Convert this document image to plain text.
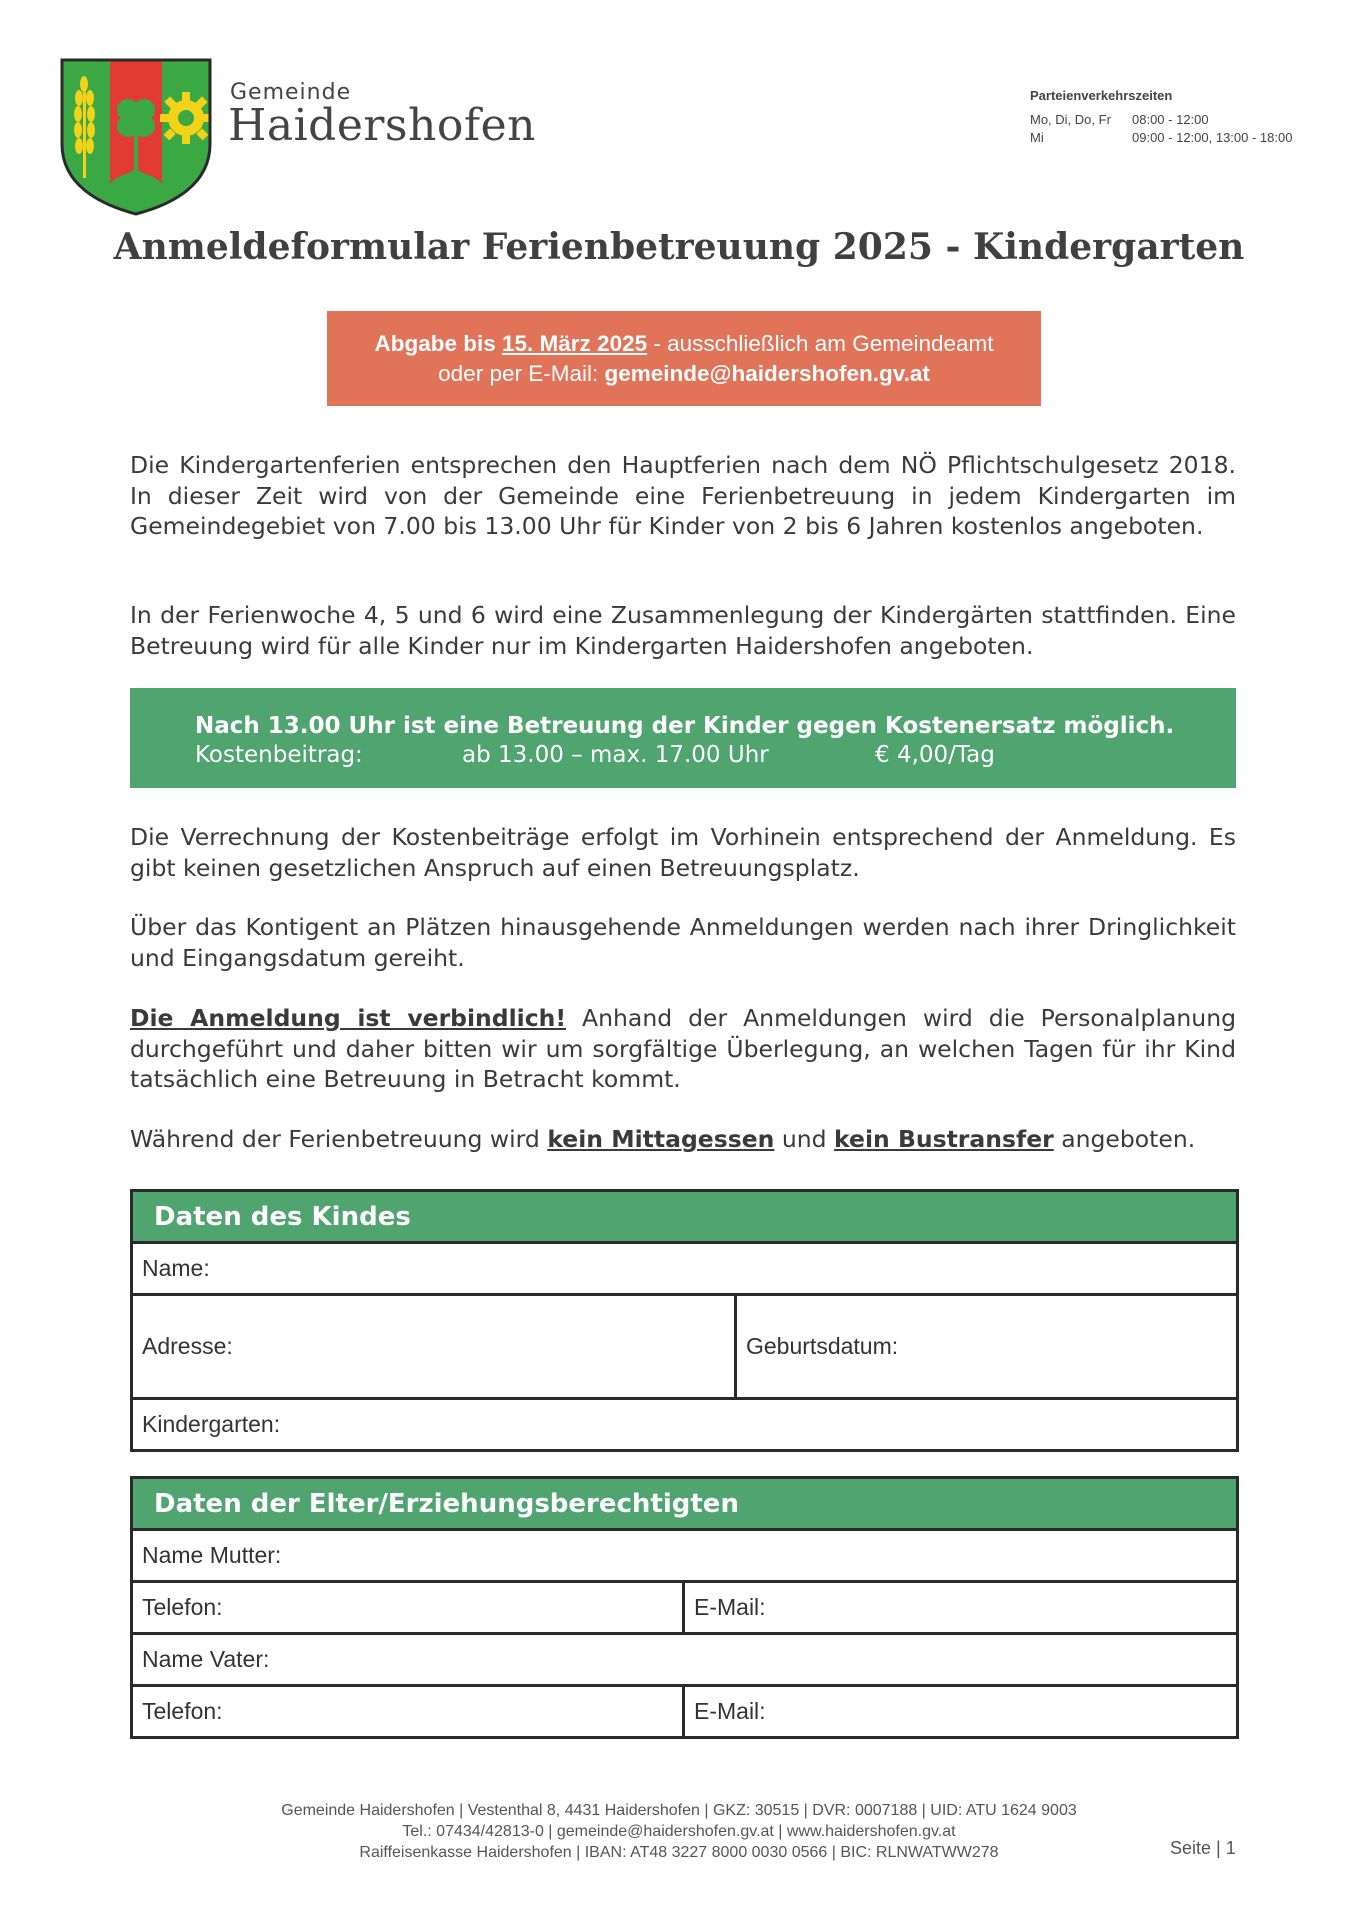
Gemeinde
Haidershofen
Parteienverkehrszeiten
Mo, Di, Do, Fr	08:00 - 12:00
Mi	09:00 - 12:00, 13:00 - 18:00
Anmeldeformular Ferienbetreuung 2025 - Kindergarten
Abgabe bis 15. März 2025 - ausschließlich am Gemeindeamt
oder per E-Mail: gemeinde@haidershofen.gv.at
Die Kindergartenferien entsprechen den Hauptferien nach dem NÖ Pflichtschulgesetz 2018. In dieser Zeit wird von der Gemeinde eine Ferienbetreuung in jedem Kindergarten im Gemeindegebiet von 7.00 bis 13.00 Uhr für Kinder von 2 bis 6 Jahren kostenlos angeboten.
In der Ferienwoche 4, 5 und 6 wird eine Zusammenlegung der Kindergärten stattfinden. Eine Betreuung wird für alle Kinder nur im Kindergarten Haidershofen angeboten.
Nach 13.00 Uhr ist eine Betreuung der Kinder gegen Kostenersatz möglich.
Kostenbeitrag:	ab 13.00 – max. 17.00 Uhr	€ 4,00/Tag
Die Verrechnung der Kostenbeiträge erfolgt im Vorhinein entsprechend der Anmeldung. Es gibt keinen gesetzlichen Anspruch auf einen Betreuungsplatz.
Über das Kontigent an Plätzen hinausgehende Anmeldungen werden nach ihrer Dringlichkeit und Eingangsdatum gereiht.
Die Anmeldung ist verbindlich! Anhand der Anmeldungen wird die Personalplanung durchgeführt und daher bitten wir um sorgfältige Überlegung, an welchen Tagen für ihr Kind tatsächlich eine Betreuung in Betracht kommt.
Während der Ferienbetreuung wird kein Mittagessen und kein Bustransfer angeboten.
Daten des Kindes
Name:
Adresse:	Geburtsdatum:
Kindergarten:
Daten der Elter/Erziehungsberechtigten	
Name Mutter:	
Telefon:	E-Mail:
Name Vater:	
Telefon:	E-Mail:
Gemeinde Haidershofen | Vestenthal 8, 4431 Haidershofen | GKZ: 30515 | DVR: 0007188 | UID: ATU 1624 9003
Tel.: 07434/42813-0 | gemeinde@haidershofen.gv.at | www.haidershofen.gv.at
Raiffeisenkasse Haidershofen | IBAN: AT48 3227 8000 0030 0566 | BIC: RLNWATWW278	Seite | 1
